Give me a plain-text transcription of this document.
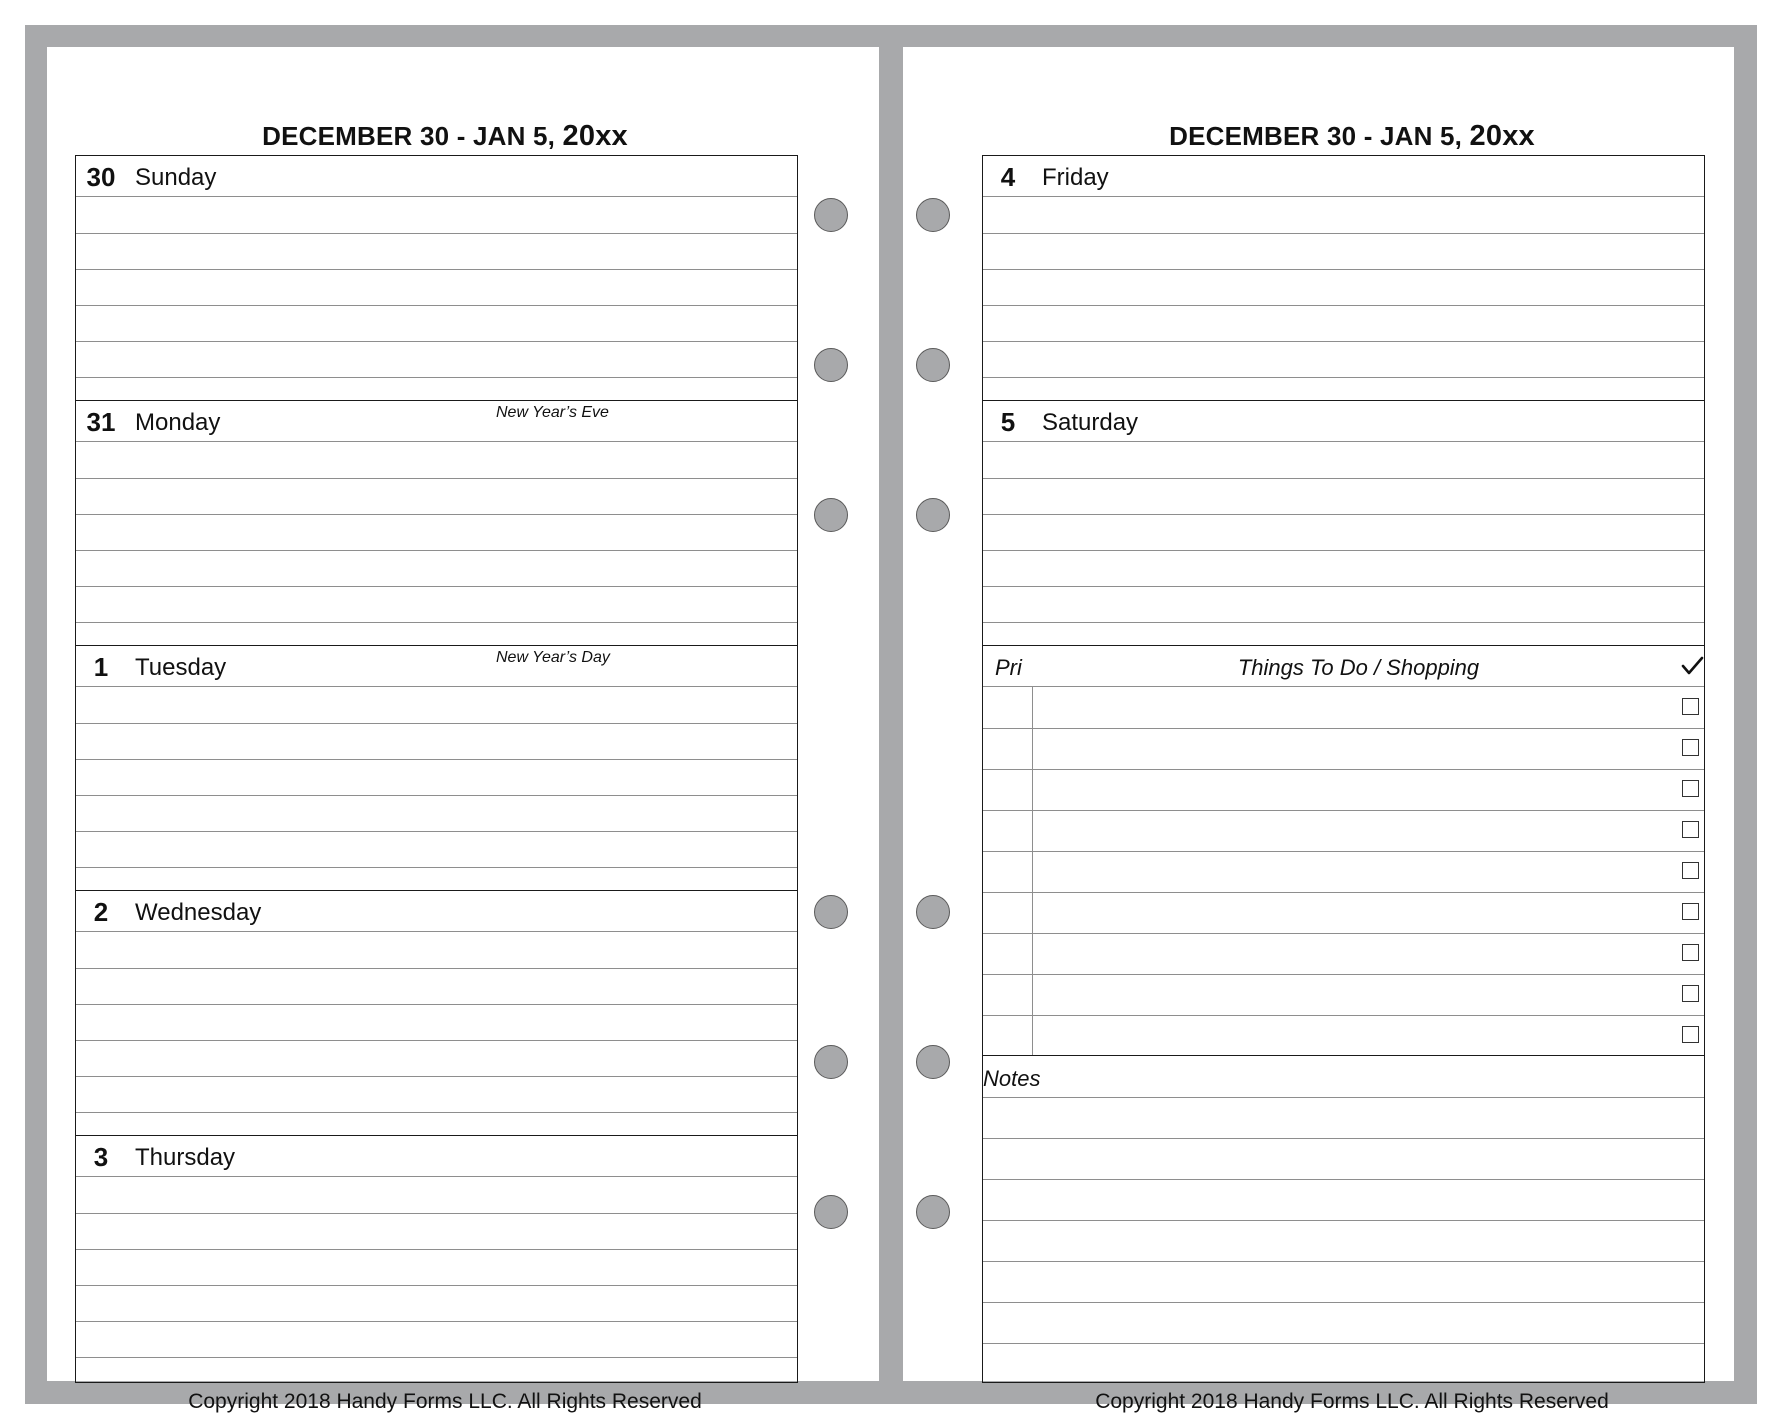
DECEMBER 30 - JAN 5, 20xx
30 Sunday
31 Monday	New Year’s Eve
1	Tuesday	New Year’s Day
2	Wednesday
3	Thursday
Copyright 2018 Handy Forms LLC. All Rights Reserved
DECEMBER 30 - JAN 5, 20xx
4	Friday
5	Saturday
Pri	Things To Do / Shopping
Notes
Copyright 2018 Handy Forms LLC. All Rights Reserved
